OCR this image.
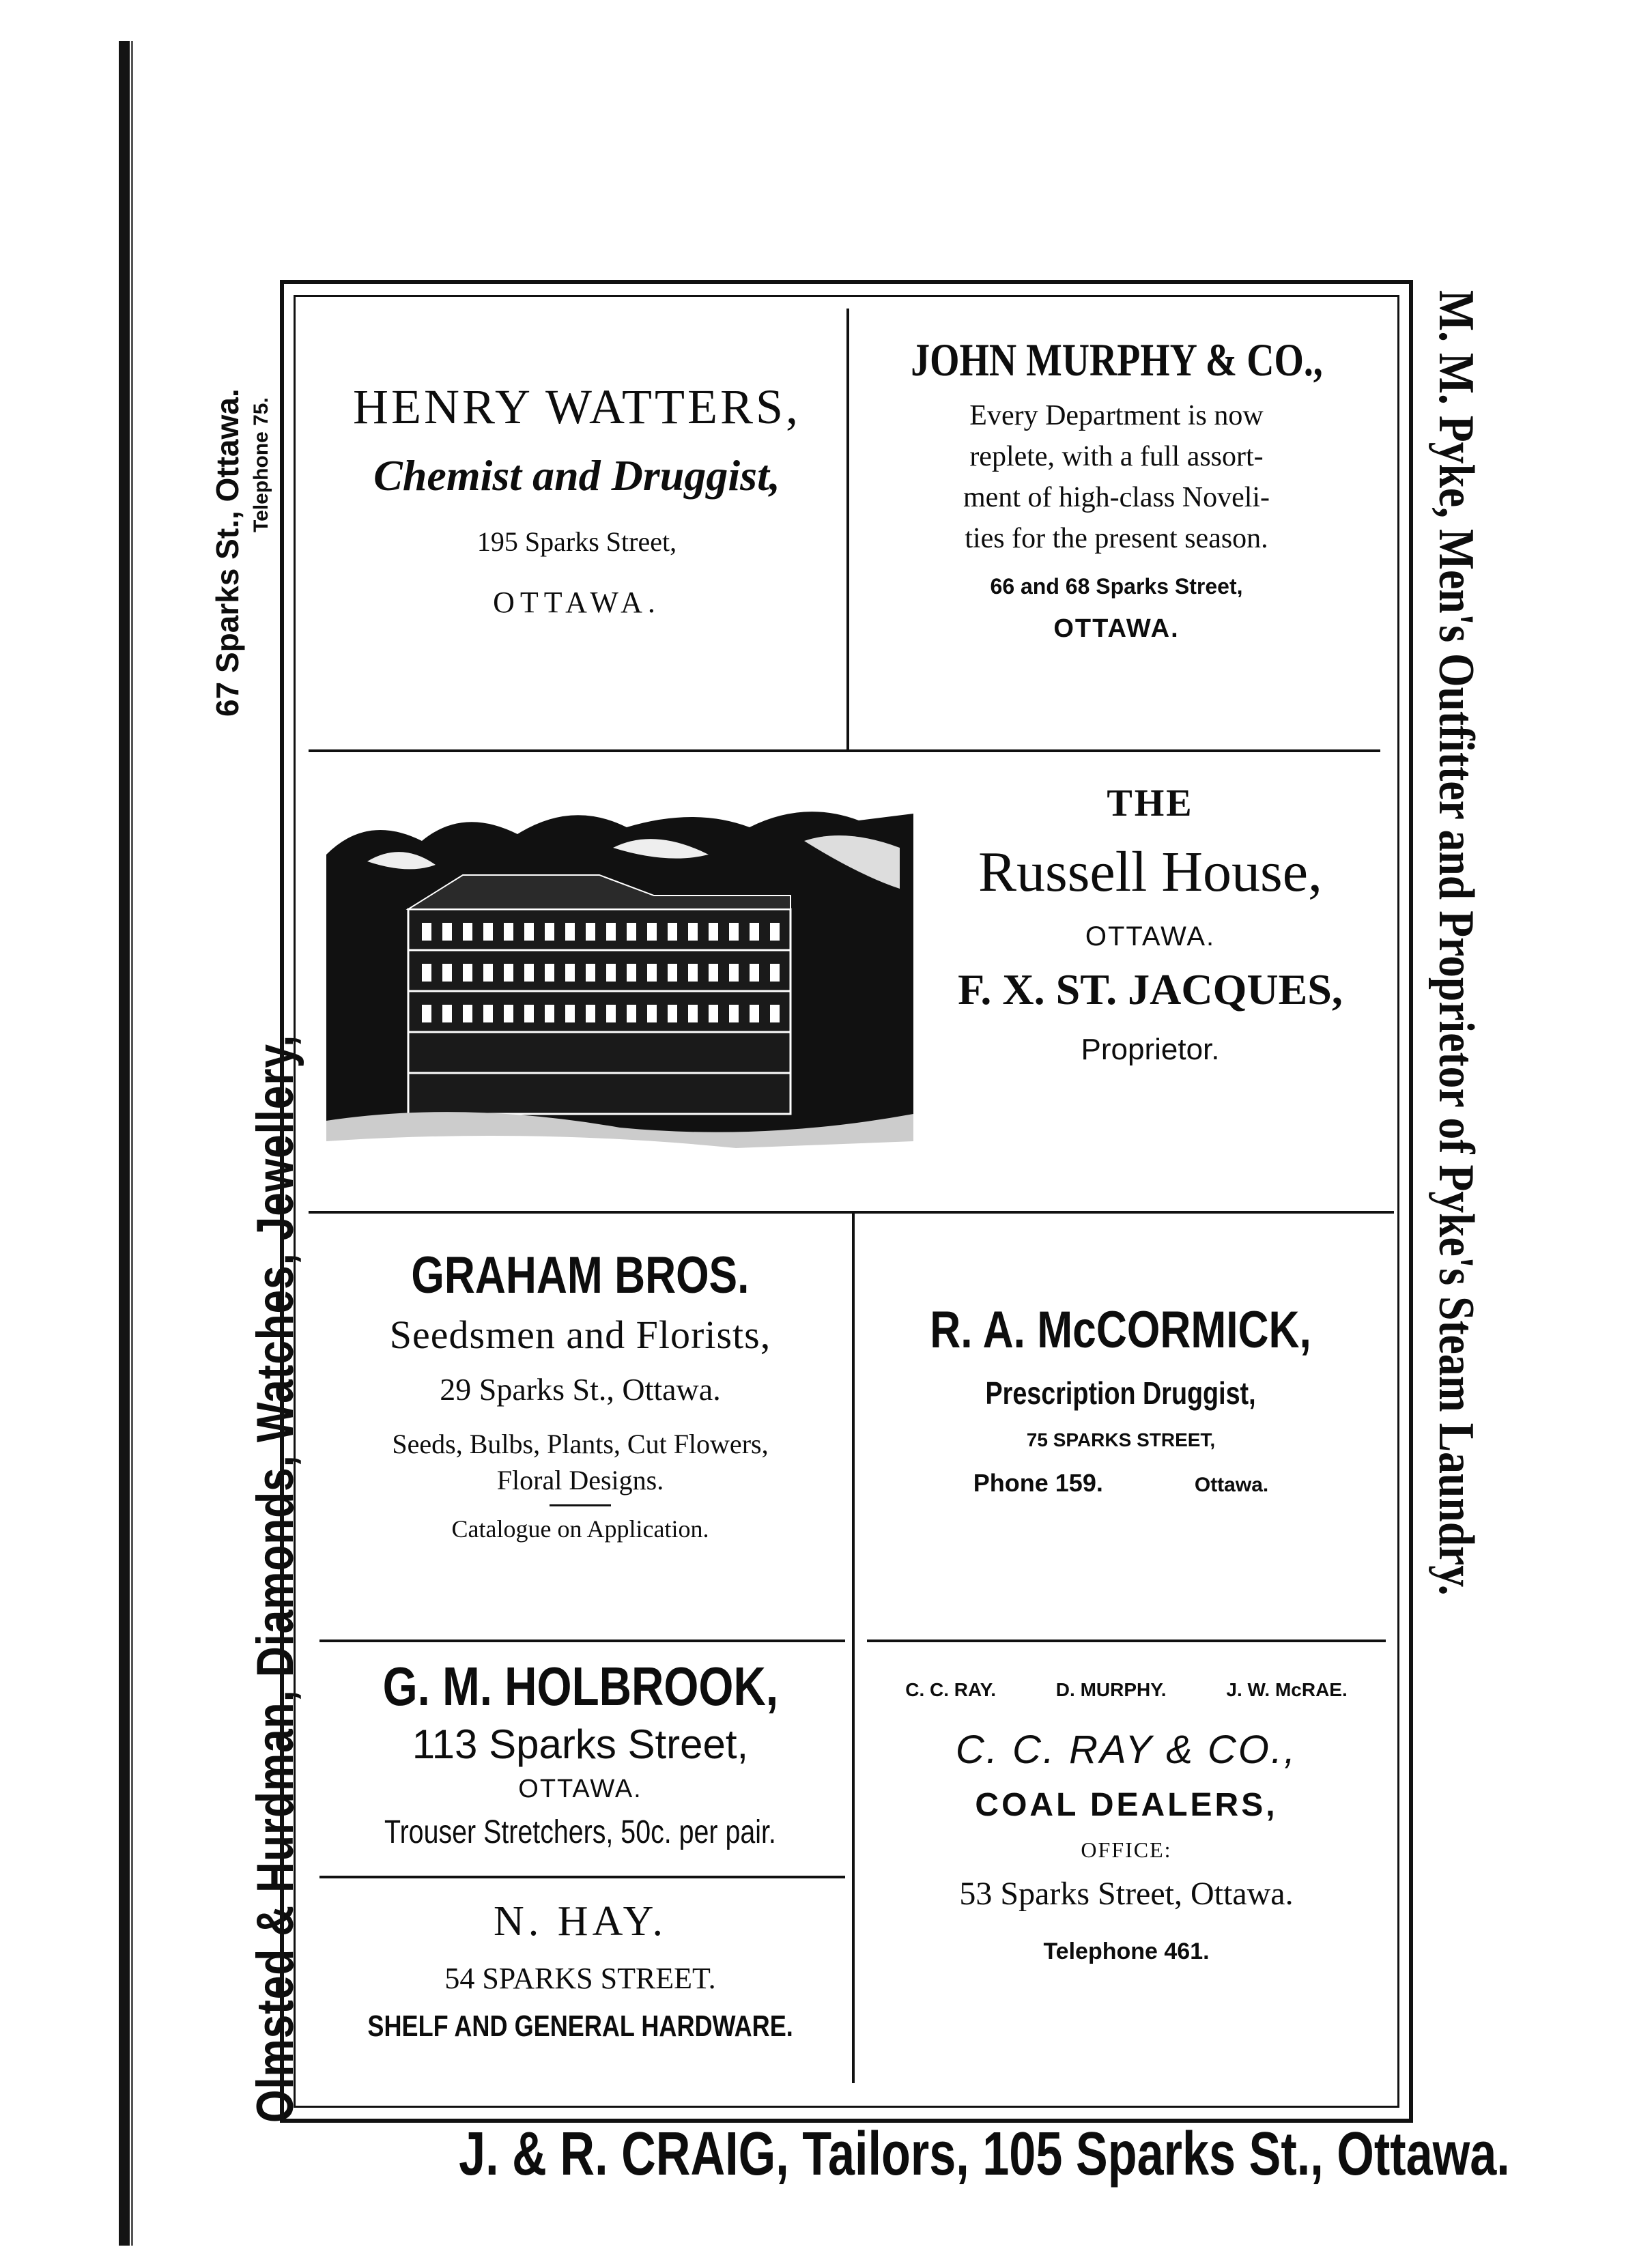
Olmsted & Hurdman, Diamonds, Watches, Jewellery,
67 Sparks St., Ottawa. Telephone 75.	M. M. Pyke, Men's Outfitter and Proprietor of Pyke's Steam Laundry.
HENRY WATTERS,
Chemist and Druggist,
195 Sparks Street,
OTTAWA.
JOHN MURPHY & CO.,
Every Department is now
replete, with a full assort-
ment of high-class Noveli-
ties for the present season.
66 and 68 Sparks Street,
OTTAWA.
THE
Russell House,
OTTAWA.
F. X. ST. JACQUES,
Proprietor.
GRAHAM BROS.
Seedsmen and Florists,
29 Sparks St., Ottawa.
Seeds, Bulbs, Plants, Cut Flowers,
Floral Designs.
Catalogue on Application.
R. A. McCORMICK,
Prescription Druggist,
75 SPARKS STREET,
Phone 159.	Ottawa.
G. M. HOLBROOK,
113 Sparks Street,
OTTAWA.
Trouser Stretchers, 50c. per pair.
N. HAY.
54 SPARKS STREET.
SHELF AND GENERAL HARDWARE.
C. C. RAY.	D. MURPHY.	J. W. McRAE.
C. C. RAY & CO.,
COAL DEALERS,
OFFICE:
53 Sparks Street, Ottawa.
Telephone 461.
J. & R. CRAIG, Tailors, 105 Sparks St., Ottawa.
